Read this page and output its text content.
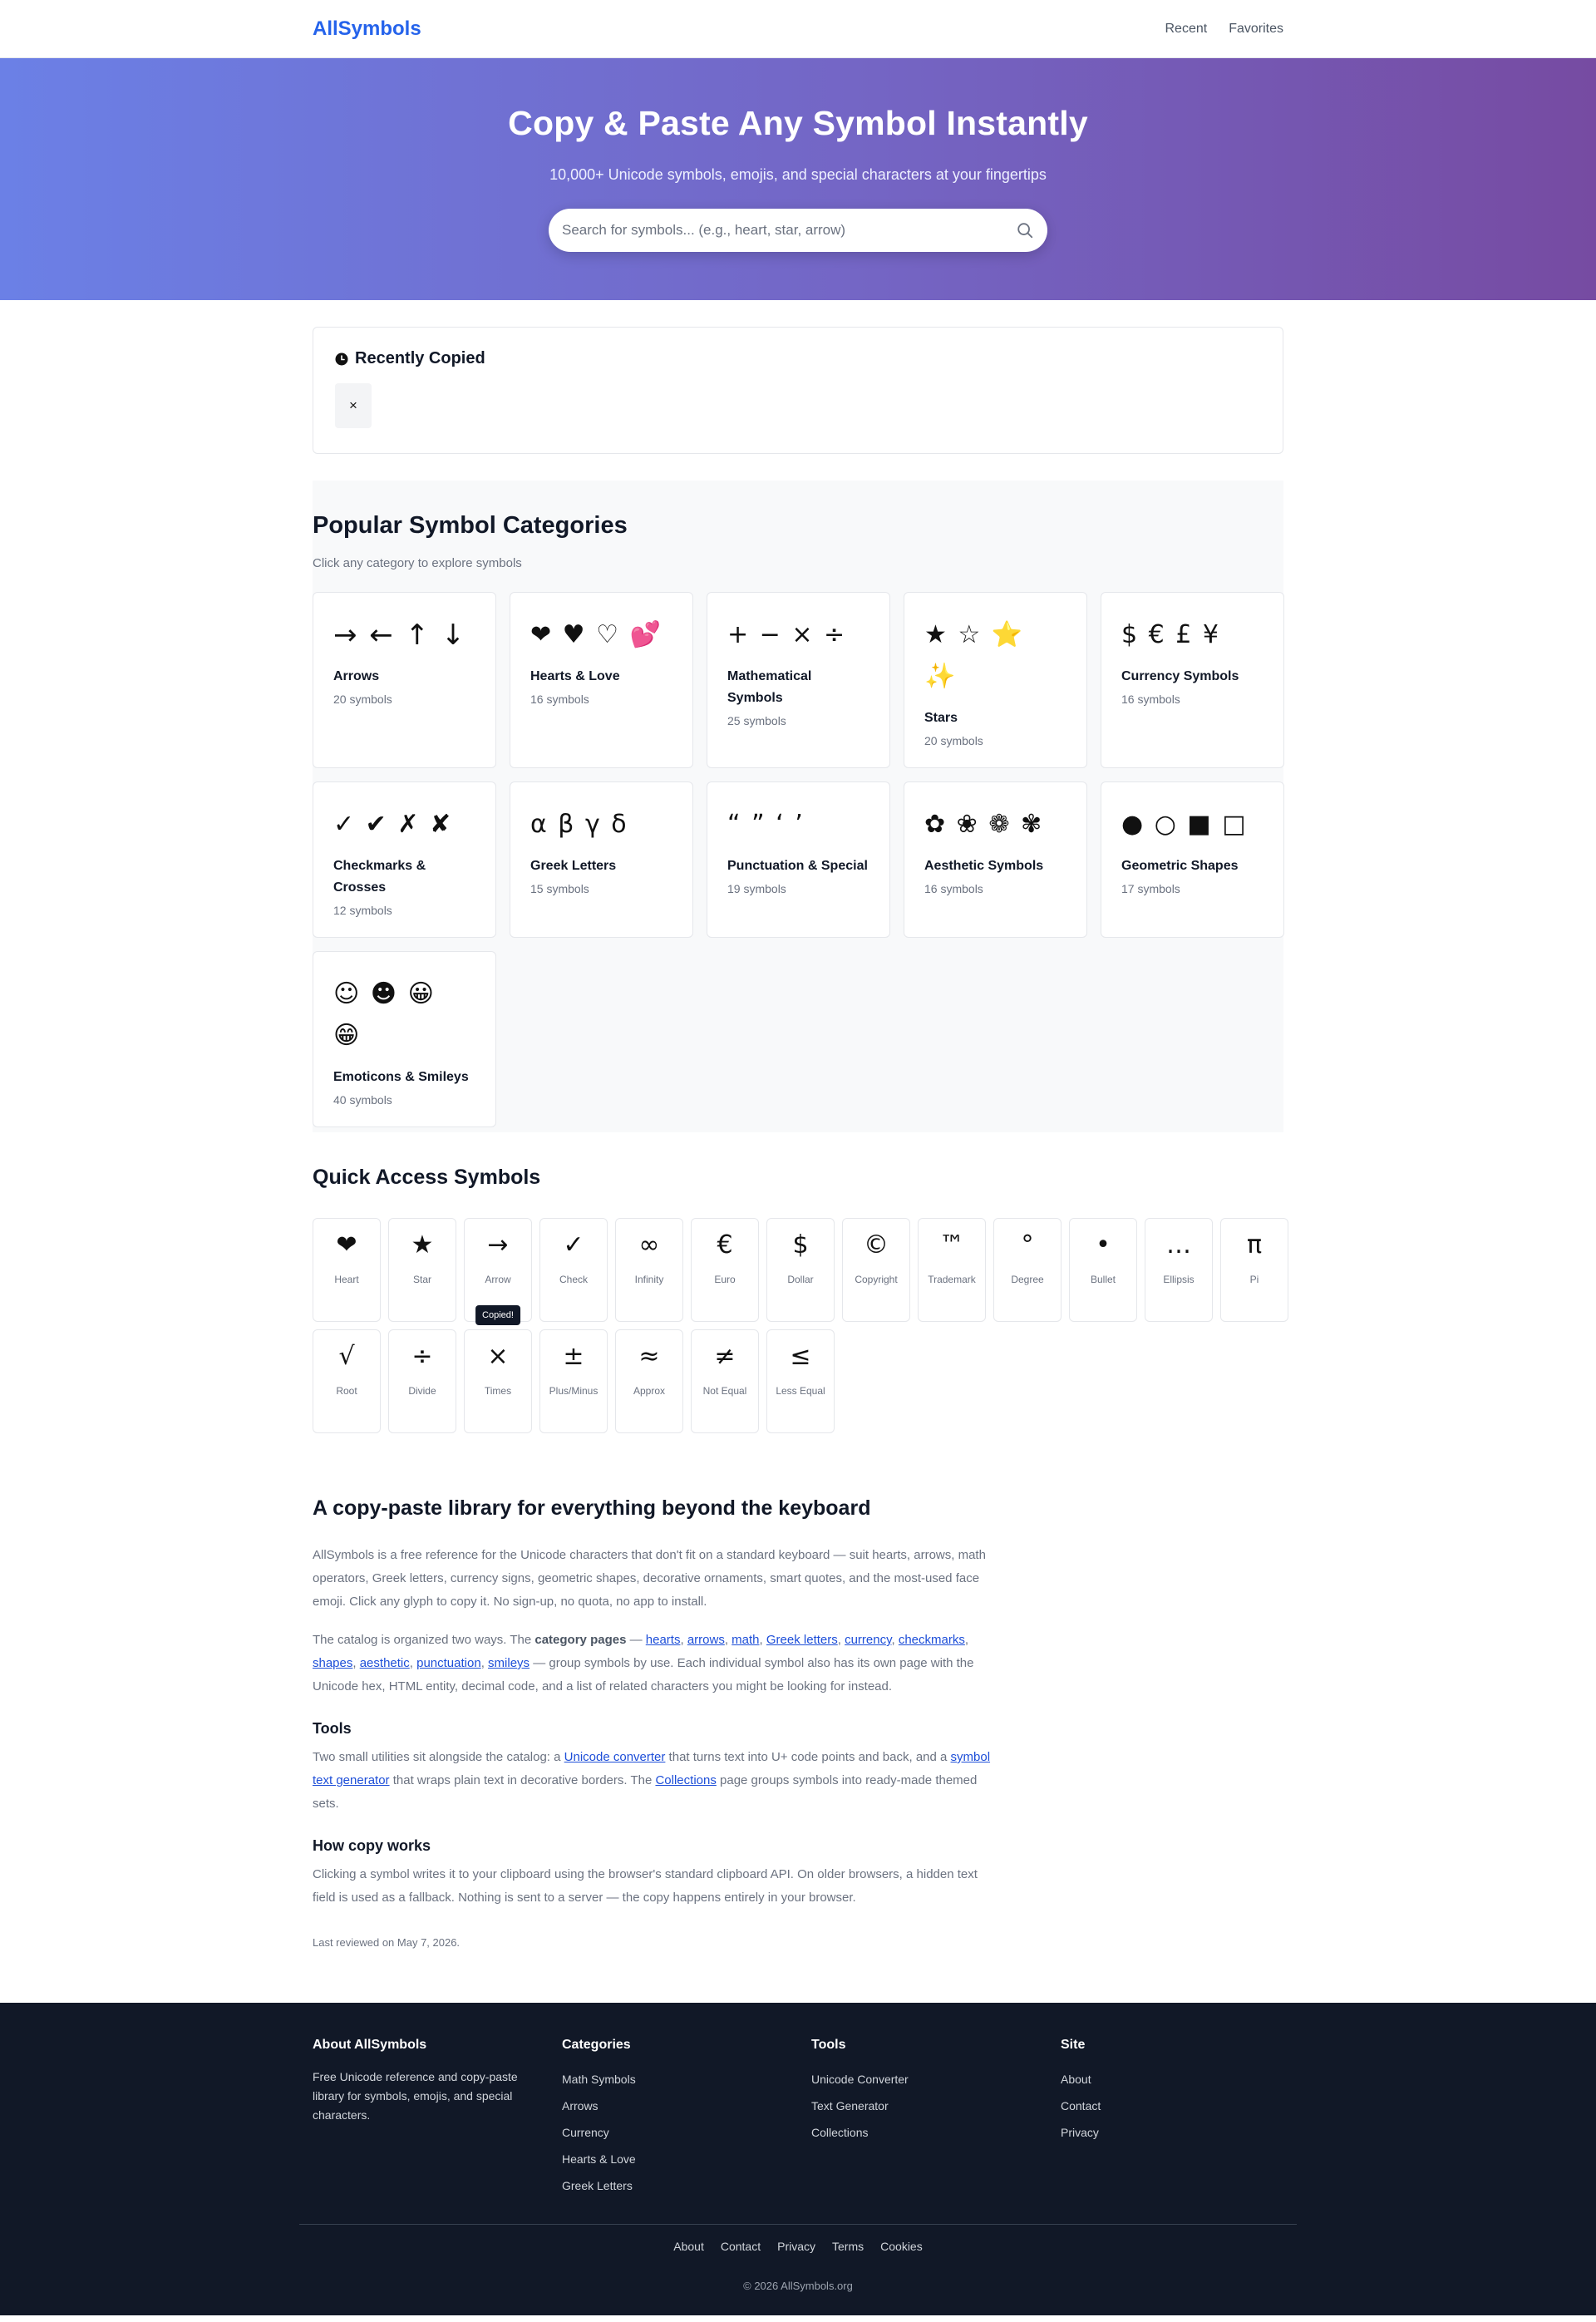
AllSymbols	Recent Favorites
Copy & Paste Any Symbol Instantly

10,000+ Unicode symbols, emojis, and special characters at your fingertips

Search for symbols... (e.g., heart, star, arrow)
Recently Copied
×
Popular Symbol Categories

Click any category to explore symbols

→ ← ↑ ↓
Arrows
20 symbols
❤ ♥ ♡ 💕
Hearts & Love
16 symbols
+ − × ÷
Mathematical Symbols
25 symbols
★ ☆ ⭐ ✨
Stars
20 symbols
$ € £ ¥
Currency Symbols
16 symbols
✓ ✔ ✗ ✘
Checkmarks & Crosses
12 symbols
α β γ δ
Greek Letters
15 symbols
“ ” ‘ ’
Punctuation & Special
19 symbols
✿ ❀ ❁ ✾
Aesthetic Symbols
16 symbols
● ○ ■ □
Geometric Shapes
17 symbols
☺ ☻ 😀 😁
Emoticons & Smileys
40 symbols
Quick Access Symbols
❤
Heart
★
Star
→
Arrow
✓
Check
∞
Infinity
€
Euro
$
Dollar
©
Copyright
™
Trademark
°
Degree
•
Bullet
…
Ellipsis
π
Pi
√
Root
÷
Divide
×
Times
Copied!
±
Plus/Minus
≈
Approx
≠
Not Equal
≤
Less Equal
A copy-paste library for everything beyond the keyboard

AllSymbols is a free reference for the Unicode characters that don't fit on a standard keyboard — suit hearts, arrows, math operators, Greek letters, currency signs, geometric shapes, decorative ornaments, smart quotes, and the most-used face emoji. Click any glyph to copy it. No sign-up, no quota, no app to install.

The catalog is organized two ways. The category pages — hearts, arrows, math, Greek letters, currency, checkmarks, shapes, aesthetic, punctuation, smileys — group symbols by use. Each individual symbol also has its own page with the Unicode hex, HTML entity, decimal code, and a list of related characters you might be looking for instead.

Tools

Two small utilities sit alongside the catalog: a Unicode converter that turns text into U+ code points and back, and a symbol text generator that wraps plain text in decorative borders. The Collections page groups symbols into ready-made themed sets.

How copy works

Clicking a symbol writes it to your clipboard using the browser's standard clipboard API. On older browsers, a hidden text field is used as a fallback. Nothing is sent to a server — the copy happens entirely in your browser.

Last reviewed on May 7, 2026.

About AllSymbols

Free Unicode reference and copy-paste library for symbols, emojis, and special characters.

Categories
Math Symbols
Arrows
Currency
Hearts & Love
Greek Letters
Tools
Unicode Converter
Text Generator
Collections
Site
About
Contact
Privacy
About Contact Privacy Terms Cookies

© 2026 AllSymbols.org
